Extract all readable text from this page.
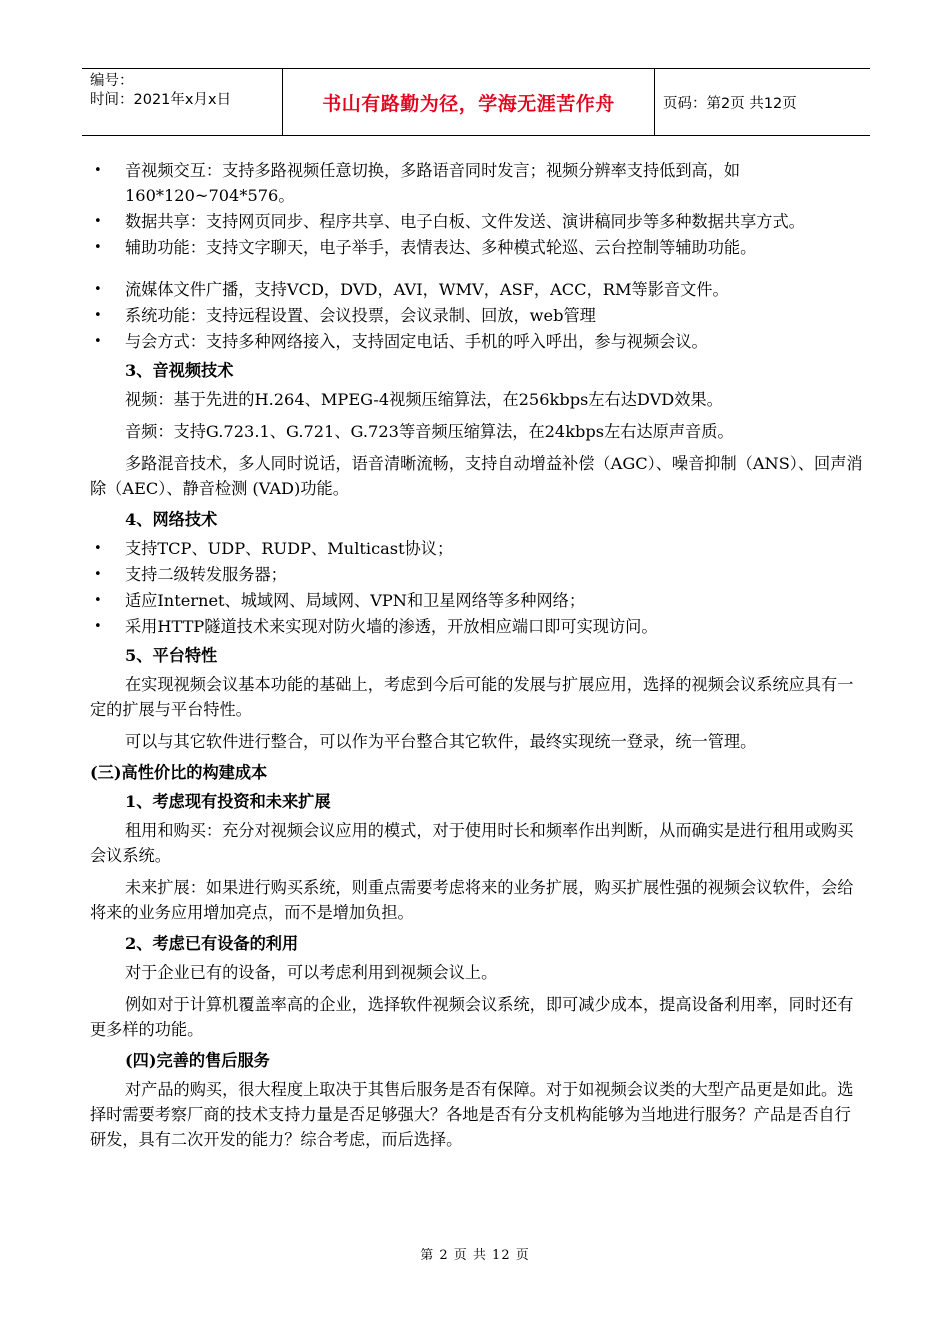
编号：
时间：2021年x月x日	书山有路勤为径，学海无涯苦作舟	页码：第2页 共12页

• 音视频交互：支持多路视频任意切换，多路语音同时发言；视频分辨率支持低到高，如160*120~704*576。

• 数据共享：支持网页同步、程序共享、电子白板、文件发送、演讲稿同步等多种数据共享方式。

• 辅助功能：支持文字聊天，电子举手，表情表达、多种模式轮巡、云台控制等辅助功能。

• 流媒体文件广播，支持VCD，DVD，AVI，WMV，ASF，ACC，RM等影音文件。

• 系统功能：支持远程设置、会议投票，会议录制、回放，web管理

• 与会方式：支持多种网络接入，支持固定电话、手机的呼入呼出，参与视频会议。

3、音视频技术

视频：基于先进的H.264、MPEG-4视频压缩算法，在256kbps左右达DVD效果。

音频：支持G.723.1、G.721、G.723等音频压缩算法，在24kbps左右达原声音质。

多路混音技术，多人同时说话，语音清晰流畅，支持自动增益补偿（AGC）、噪音抑制（ANS）、回声消除（AEC）、静音检测 (VAD)功能。

4、网络技术

• 支持TCP、UDP、RUDP、Multicast协议；

• 支持二级转发服务器；

• 适应Internet、城域网、局域网、VPN和卫星网络等多种网络；

• 采用HTTP隧道技术来实现对防火墙的渗透，开放相应端口即可实现访问。

5、平台特性

在实现视频会议基本功能的基础上，考虑到今后可能的发展与扩展应用，选择的视频会议系统应具有一定的扩展与平台特性。

可以与其它软件进行整合，可以作为平台整合其它软件，最终实现统一登录，统一管理。

(三)高性价比的构建成本

1、考虑现有投资和未来扩展

租用和购买：充分对视频会议应用的模式，对于使用时长和频率作出判断，从而确实是进行租用或购买会议系统。

未来扩展：如果进行购买系统，则重点需要考虑将来的业务扩展，购买扩展性强的视频会议软件，会给将来的业务应用增加亮点，而不是增加负担。

2、考虑已有设备的利用

对于企业已有的设备，可以考虑利用到视频会议上。

例如对于计算机覆盖率高的企业，选择软件视频会议系统，即可减少成本，提高设备利用率，同时还有更多样的功能。

(四)完善的售后服务

对产品的购买，很大程度上取决于其售后服务是否有保障。对于如视频会议类的大型产品更是如此。选择时需要考察厂商的技术支持力量是否足够强大？各地是否有分支机构能够为当地进行服务？产品是否自行研发，具有二次开发的能力？综合考虑，而后选择。

第 2 页 共 12 页
